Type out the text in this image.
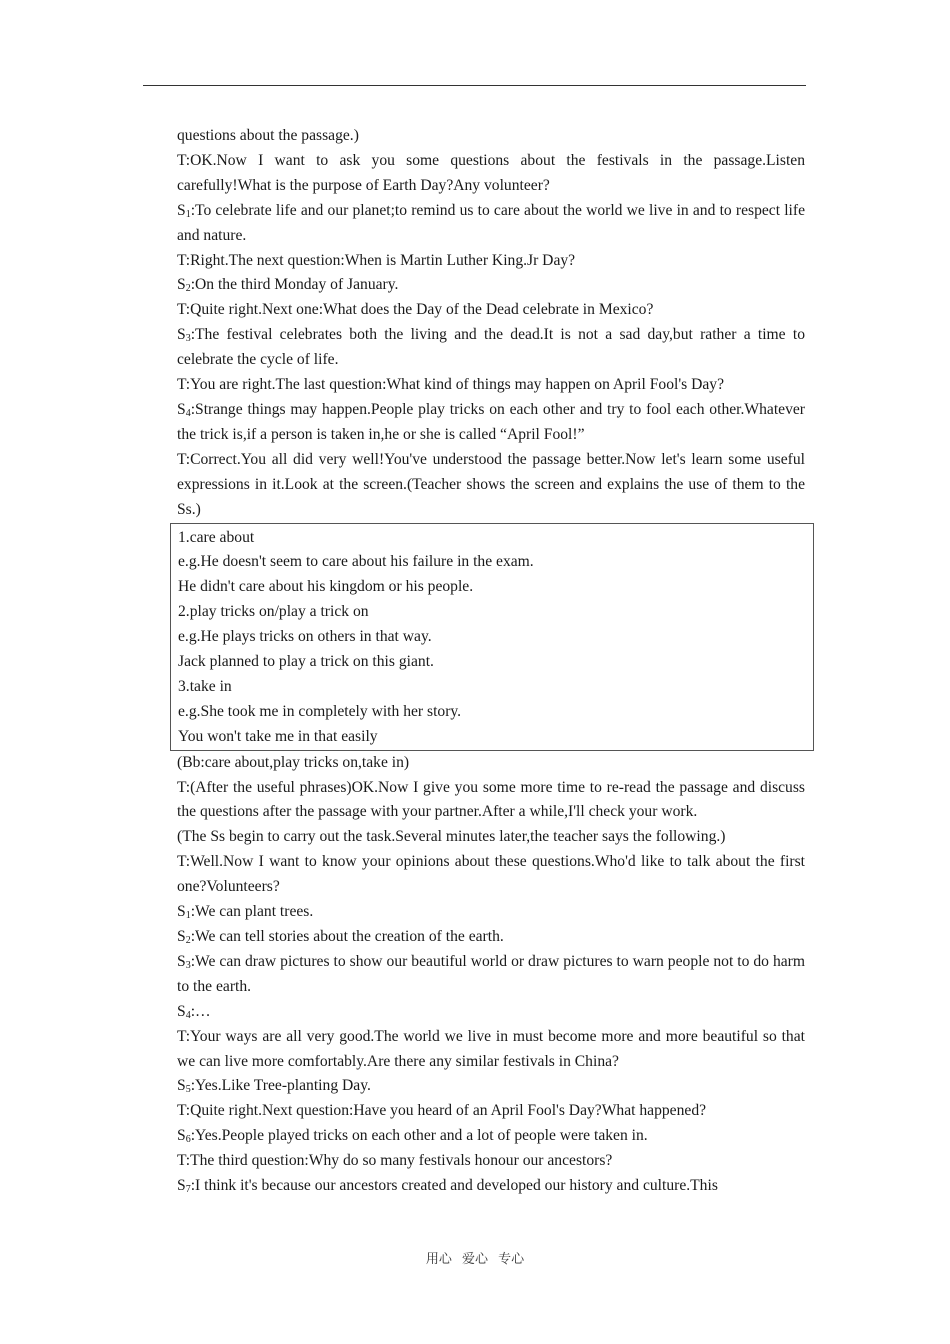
questions about the passage.)

T:OK.Now I want to ask you some questions about the festivals in the passage.Listen carefully!What is the purpose of Earth Day?Any volunteer?

$S_1:To$ celebrate life and our planet;to remind us to care about the world we live in and to respect life and nature.

T:Right.The next question:When is Martin Luther King.Jr Day?

$S_2:On$ the third Monday of January.

T:Quite right.Next one:What does the Day of the Dead celebrate in Mexico?

$S_3:The$ festival celebrates both the living and the dead.It is not a sad day,but rather a time to celebrate the cycle of life.

T:You are right.The last question:What kind of things may happen on April Fool's Day?

$S_4:Strange$ things may happen.People play tricks on each other and try to fool each other.Whatever the trick is,if a person is taken in,he or she is called “April Fool!”

T:Correct.You all did very well!You've understood the passage better.Now let's learn some useful expressions in it.Look at the screen.(Teacher shows the screen and explains the use of them to the Ss.)

1.care about

e.g.He doesn't seem to care about his failure in the exam.

He didn't care about his kingdom or his people.

2.play tricks on/play a trick on

e.g.He plays tricks on others in that way.

Jack planned to play a trick on this giant.

3.take in

e.g.She took me in completely with her story.

You won't take me in that easily

(Bb:care about,play tricks on,take in)

T:(After the useful phrases)OK.Now I give you some more time to re-read the passage and discuss the questions after the passage with your partner.After a while,I'll check your work.

(The Ss begin to carry out the task.Several minutes later,the teacher says the following.)

T:Well.Now I want to know your opinions about these questions.Who'd like to talk about the first one?Volunteers?

$S_1:We$ can plant trees.

$S_2:We$ can tell stories about the creation of the earth.

$S_3:We$ can draw pictures to show our beautiful world or draw pictures to warn people not to do harm to the earth.

$S_4:\dots$

T:Your ways are all very good.The world we live in must become more and more beautiful so that we can live more comfortably.Are there any similar festivals in China?

$S_5:Yes.Like$ Tree-planting Day.

T:Quite right.Next question:Have you heard of an April Fool's Day?What happened?

$S_6:Yes.People$ played tricks on each other and a lot of people were taken in.

T:The third question:Why do so many festivals honour our ancestors?

$S_7:I$ think it's because our ancestors created and developed our history and culture.This

用心 爱心 专心
